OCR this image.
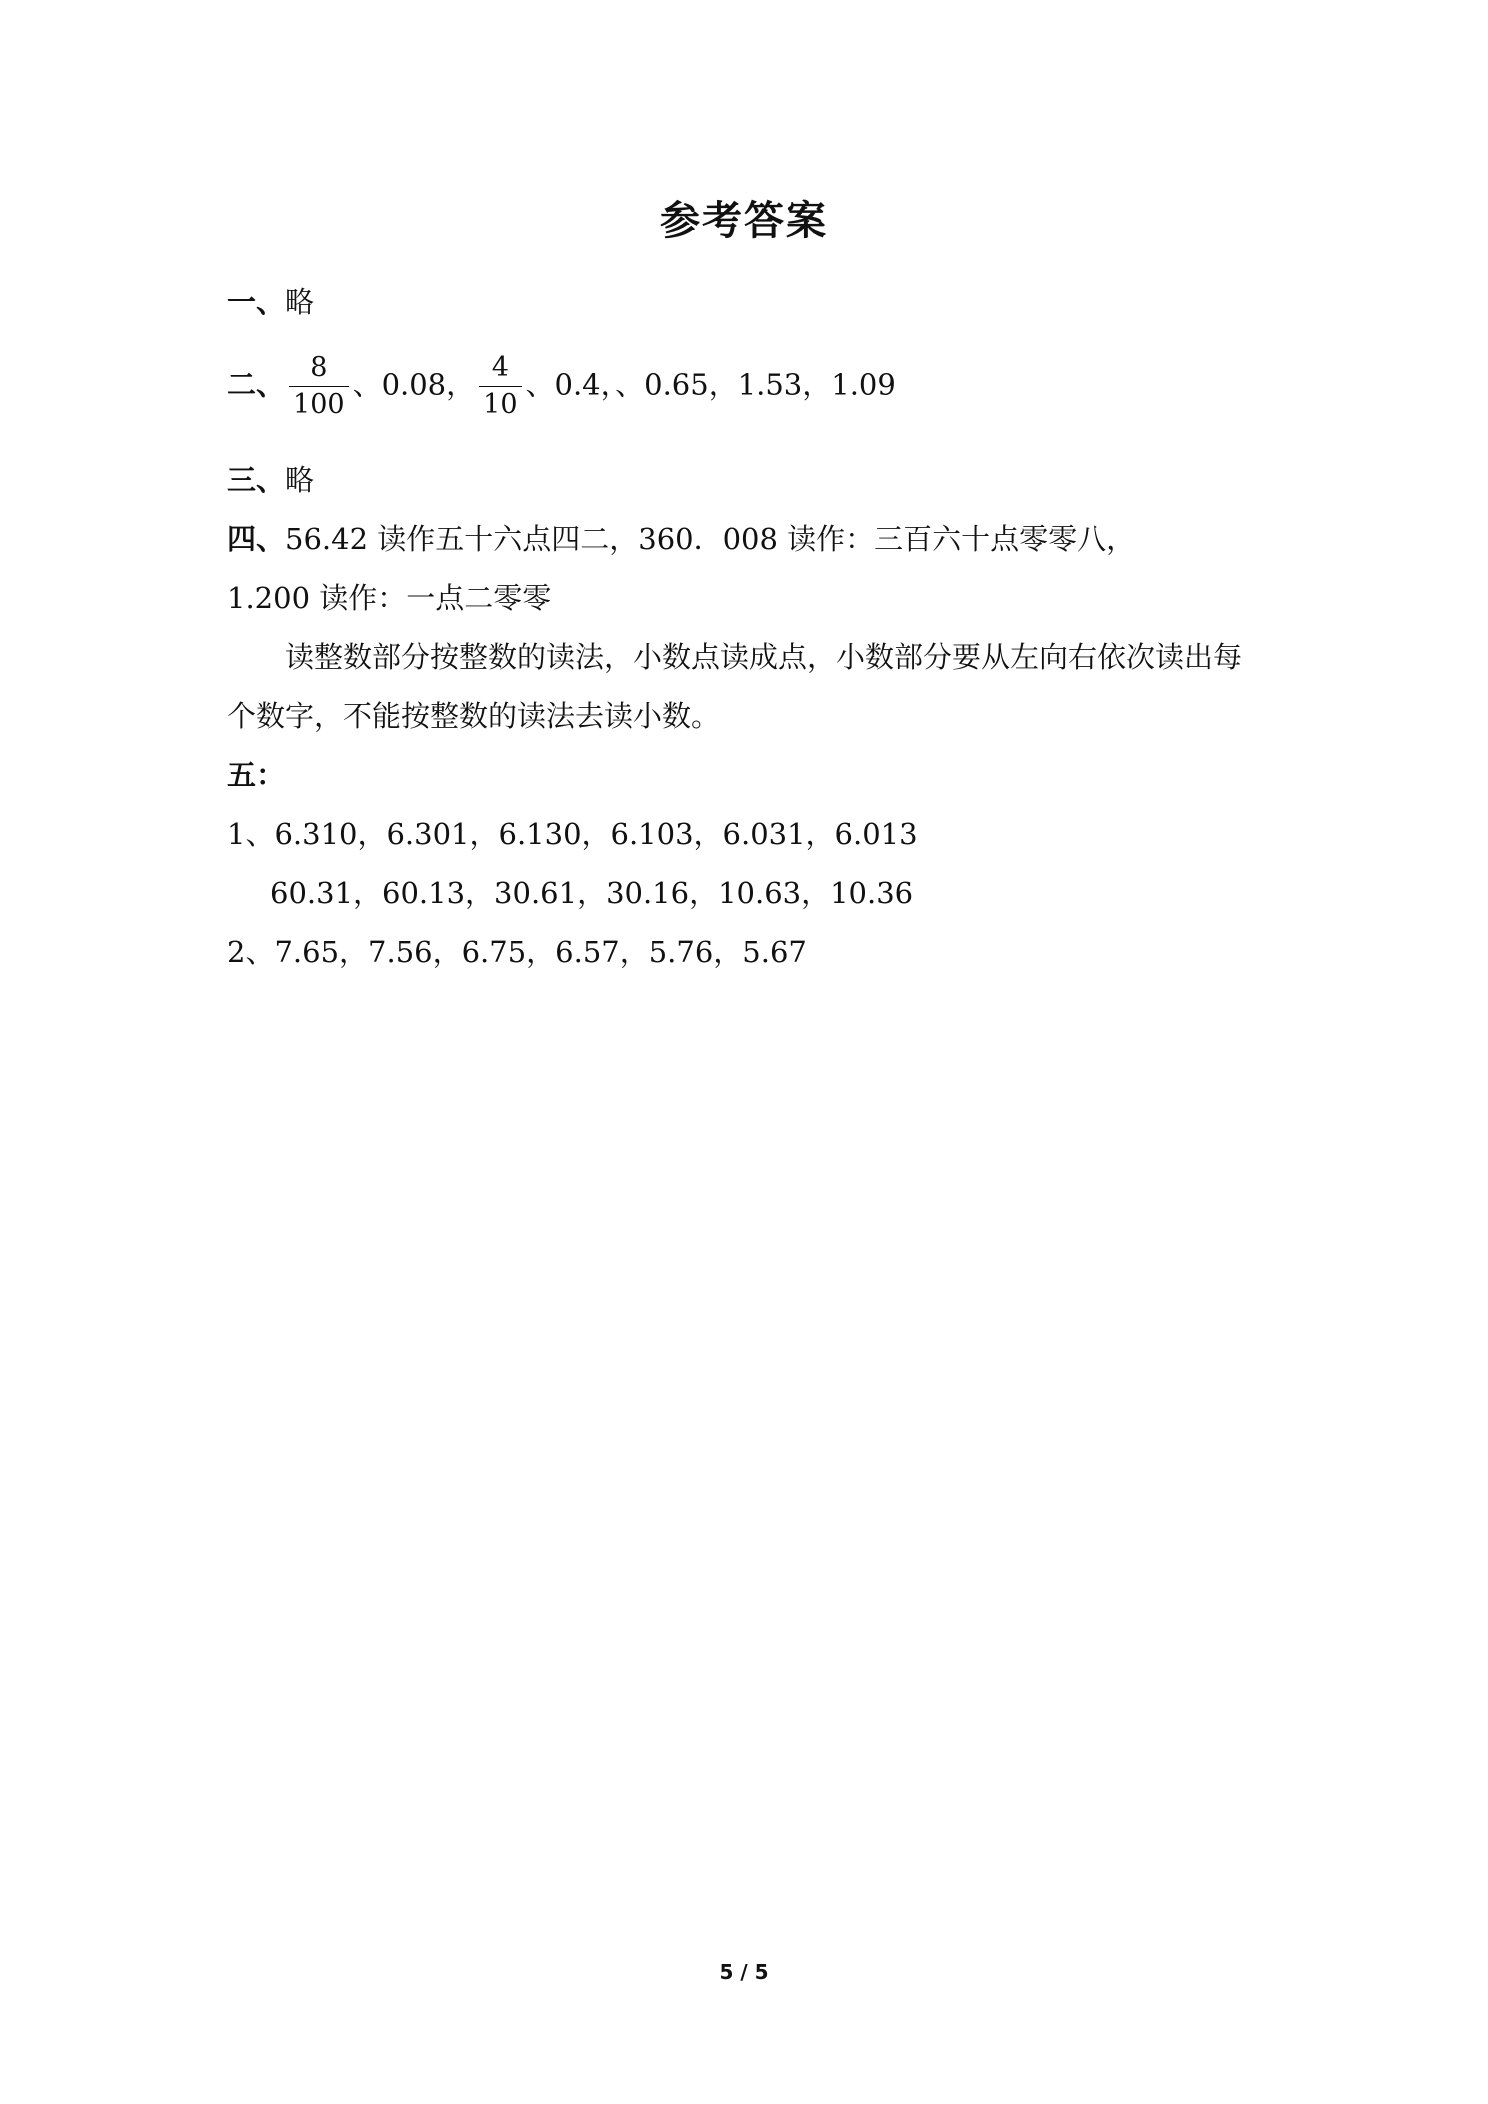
参考答案
一、略
二、 $\frac{8}{100}$ 、0.08， $\frac{4}{10}$ 、0.4，、0.65，1.53，1.09
三、略
四、56.42 读作五十六点四二，360．008 读作：三百六十点零零八，
1.200 读作：一点二零零
读整数部分按整数的读法，小数点读成点，小数部分要从左向右依次读出每
个数字，不能按整数的读法去读小数。
五：
1、6.310，6.301，6.130，6.103，6.031，6.013
60.31，60.13，30.61，30.16，10.63，10.36
2、7.65，7.56，6.75，6.57，5.76，5.67
5 / 5
